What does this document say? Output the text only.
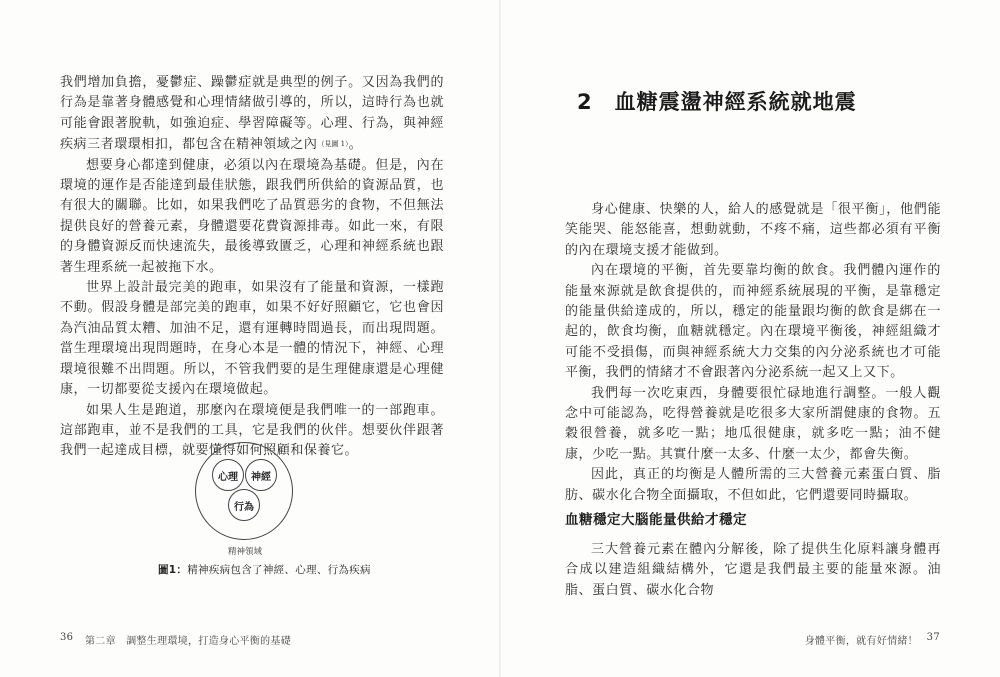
我們增加負擔，憂鬱症、躁鬱症就是典型的例子。又因為我們的行為是靠著身體感覺和心理情緒做引導的，所以，這時行為也就可能會跟著脫軌，如強迫症、學習障礙等。心理、行為，與神經疾病三者環環相扣，都包含在精神領域之內（見圖 1）。

想要身心都達到健康，必須以內在環境為基礎。但是，內在環境的運作是否能達到最佳狀態，跟我們所供給的資源品質，也有很大的關聯。比如，如果我們吃了品質惡劣的食物，不但無法提供良好的營養元素，身體還要花費資源排毒。如此一來，有限的身體資源反而快速流失，最後導致匱乏，心理和神經系統也跟著生理系統一起被拖下水。

世界上設計最完美的跑車，如果沒有了能量和資源，一樣跑不動。假設身體是部完美的跑車，如果不好好照顧它，它也會因為汽油品質太糟、加油不足，還有運轉時間過長，而出現問題。當生理環境出現問題時，在身心本是一體的情況下，神經、心理環境很難不出問題。所以，不管我們要的是生理健康還是心理健康，一切都要從支援內在環境做起。

如果人生是跑道，那麼內在環境便是我們唯一的一部跑車。這部跑車，並不是我們的工具，它是我們的伙伴。想要伙伴跟著我們一起達成目標，就要懂得如何照顧和保養它。

心理	神經
行為
精神領域
圖1：精神疾病包含了神經、心理、行為疾病
36 第二章　調整生理環境，打造身心平衡的基礎
2 血糖震盪神經系統就地震

身心健康、快樂的人，給人的感覺就是「很平衡」，他們能笑能哭、能怒能喜，想動就動，不疼不痛，這些都必須有平衡的內在環境支援才能做到。

內在環境的平衡，首先要靠均衡的飲食。我們體內運作的能量來源就是飲食提供的，而神經系統展現的平衡，是靠穩定的能量供給達成的，所以，穩定的能量跟均衡的飲食是綁在一起的，飲食均衡，血糖就穩定。內在環境平衡後，神經組織才可能不受損傷，而與神經系統大力交集的內分泌系統也才可能平衡，我們的情緒才不會跟著內分泌系統一起又上又下。

我們每一次吃東西，身體要很忙碌地進行調整。一般人觀念中可能認為，吃得營養就是吃很多大家所謂健康的食物。五穀很營養，就多吃一點；地瓜很健康，就多吃一點；油不健康，少吃一點。其實什麼一太多、什麼一太少，都會失衡。

因此，真正的均衡是人體所需的三大營養元素蛋白質、脂肪、碳水化合物全面攝取，不但如此，它們還要同時攝取。

血糖穩定大腦能量供給才穩定

三大營養元素在體內分解後，除了提供生化原料讓身體再合成以建造組織結構外，它還是我們最主要的能量來源。油脂、蛋白質、碳水化合物

身體平衡，就有好情緒！ 37
